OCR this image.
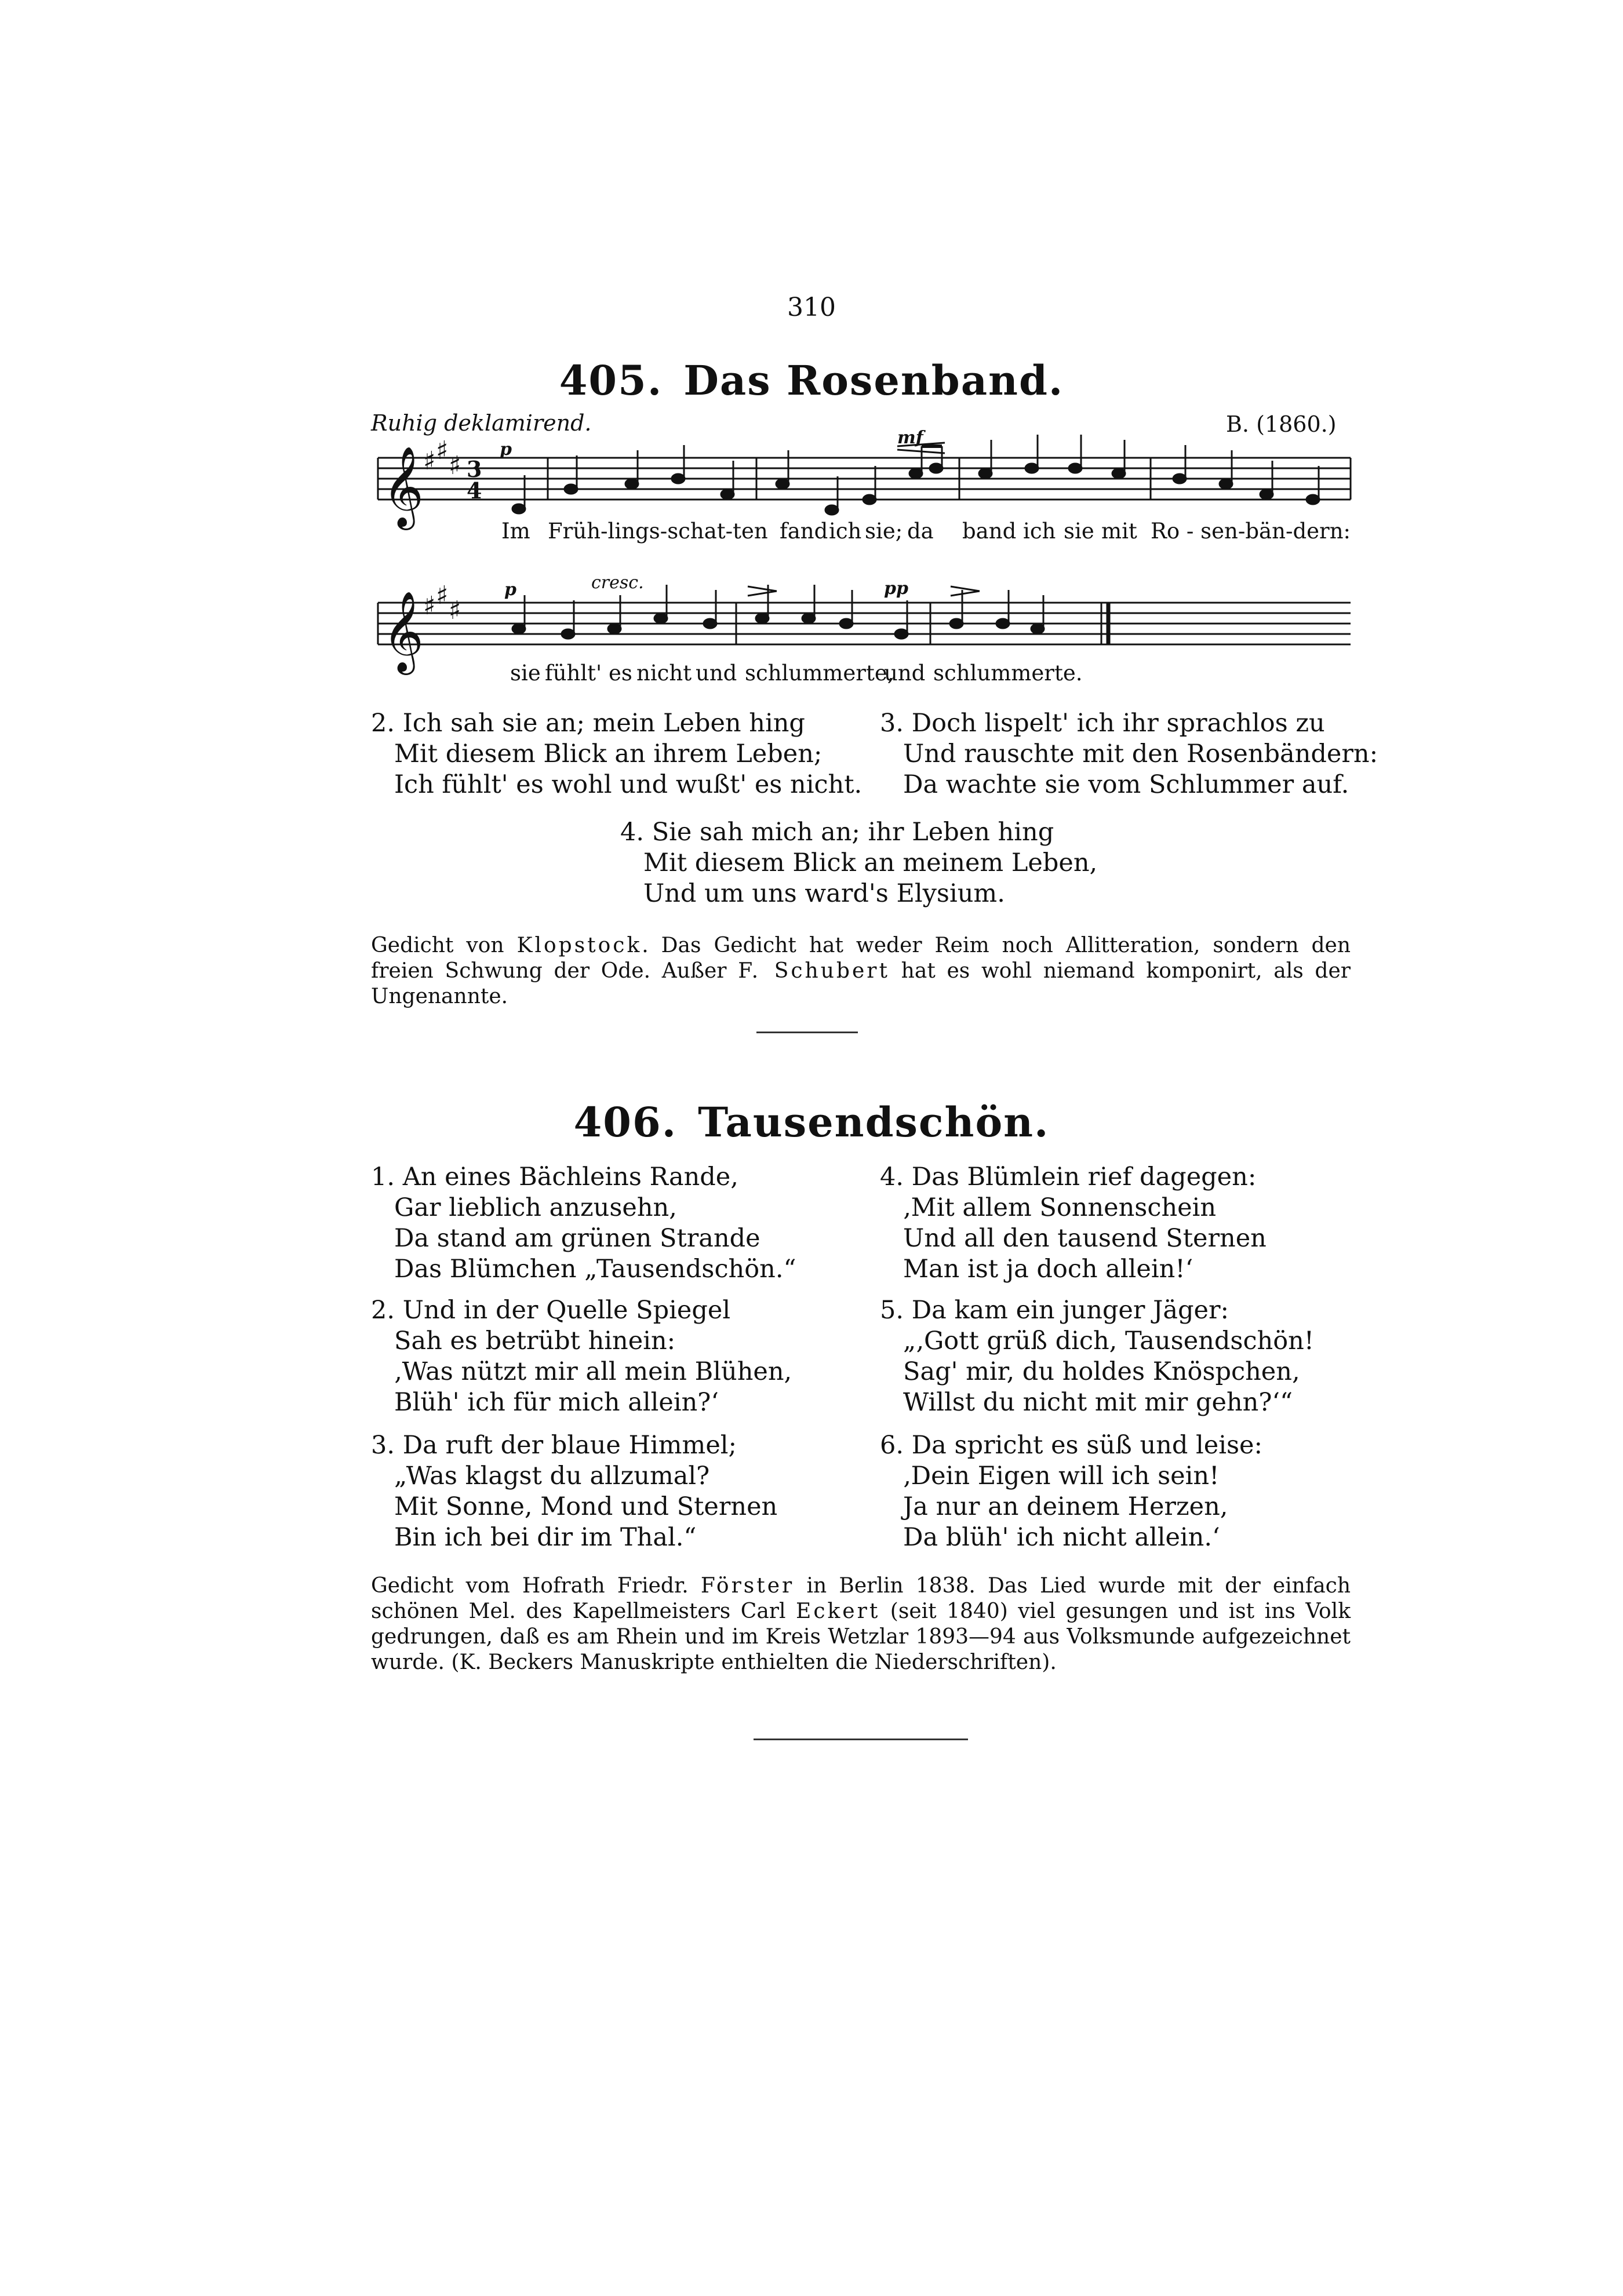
310
405. Das Rosenband.
Ruhig deklamirend.	B. (1860.)
p
mf
𝄞 ♯ ♯
♯ 3
4
Im Früh-lings-schat-ten fand ich sie; da band ich sie mit Ro - sen-bän-dern:
p	cresc.	pp
𝄞 ♯ ♯
♯
sie fühlt' es nicht und schlummerte,
und schlummerte.
2. Ich sah sie an; mein Leben hing
Mit diesem Blick an ihrem Leben;
Ich fühlt' es wohl und wußt' es nicht.
3. Doch lispelt' ich ihr sprachlos zu
Und rauschte mit den Rosenbändern:
Da wachte sie vom Schlummer auf.
4. Sie sah mich an; ihr Leben hing
Mit diesem Blick an meinem Leben,
Und um uns ward's Elysium.
Gedicht von Klopstock. Das Gedicht hat weder Reim noch Allitteration, sondern den freien Schwung der Ode. Außer F. Schubert hat es wohl niemand komponirt, als der Ungenannte.
406. Tausendschön.
1. An eines Bächleins Rande,
Gar lieblich anzusehn,
Da stand am grünen Strande
Das Blümchen „Tausendschön.“
2. Und in der Quelle Spiegel
Sah es betrübt hinein:
‚Was nützt mir all mein Blühen,
Blüh' ich für mich allein?‘
3. Da ruft der blaue Himmel;
„Was klagst du allzumal?
Mit Sonne, Mond und Sternen
Bin ich bei dir im Thal.“
4. Das Blümlein rief dagegen:
‚Mit allem Sonnenschein
Und all den tausend Sternen
Man ist ja doch allein!‘
5. Da kam ein junger Jäger:
„‚Gott grüß dich, Tausendschön!
Sag' mir, du holdes Knöspchen,
Willst du nicht mit mir gehn?‘“
6. Da spricht es süß und leise:
‚Dein Eigen will ich sein!
Ja nur an deinem Herzen,
Da blüh' ich nicht allein.‘
Gedicht vom Hofrath Friedr. Förster in Berlin 1838. Das Lied wurde mit der einfach schönen Mel. des Kapellmeisters Carl Eckert (seit 1840) viel gesungen und ist ins Volk gedrungen, daß es am Rhein und im Kreis Wetzlar 1893—94 aus Volksmunde aufgezeichnet wurde. (K. Beckers Manuskripte enthielten die Niederschriften).
